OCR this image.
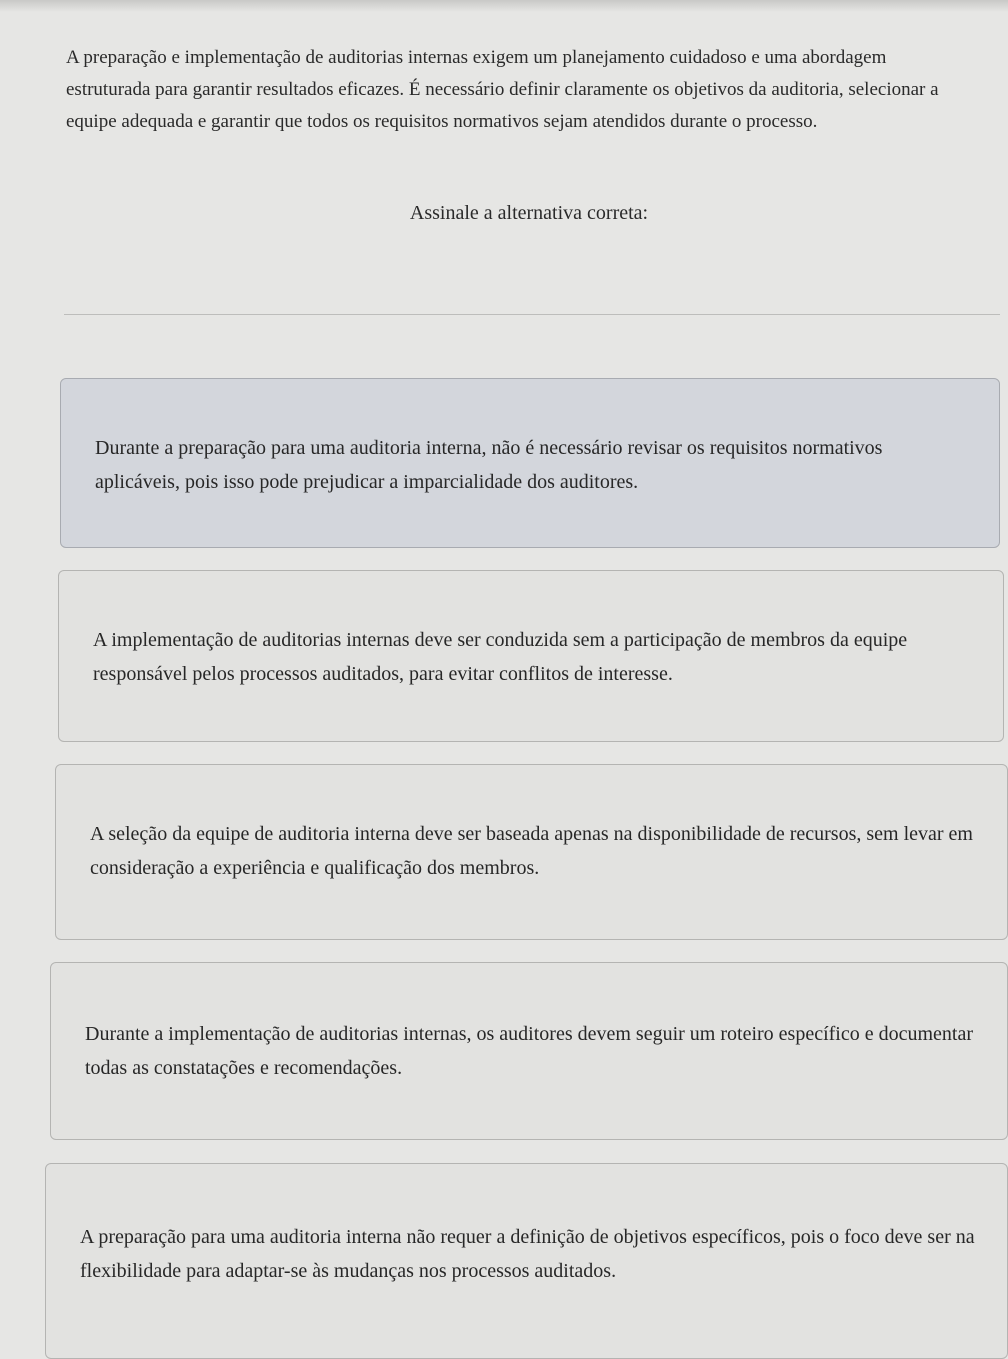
A preparação e implementação de auditorias internas exigem um planejamento cuidadoso e uma abordagem estruturada para garantir resultados eficazes. É necessário definir claramente os objetivos da auditoria, selecionar a equipe adequada e garantir que todos os requisitos normativos sejam atendidos durante o processo.
Assinale a alternativa correta:
Durante a preparação para uma auditoria interna, não é necessário revisar os requisitos normativos aplicáveis, pois isso pode prejudicar a imparcialidade dos auditores.
A implementação de auditorias internas deve ser conduzida sem a participação de membros da equipe responsável pelos processos auditados, para evitar conflitos de interesse.
A seleção da equipe de auditoria interna deve ser baseada apenas na disponibilidade de recursos, sem levar em consideração a experiência e qualificação dos membros.
Durante a implementação de auditorias internas, os auditores devem seguir um roteiro específico e documentar todas as constatações e recomendações.
A preparação para uma auditoria interna não requer a definição de objetivos específicos, pois o foco deve ser na flexibilidade para adaptar-se às mudanças nos processos auditados.
